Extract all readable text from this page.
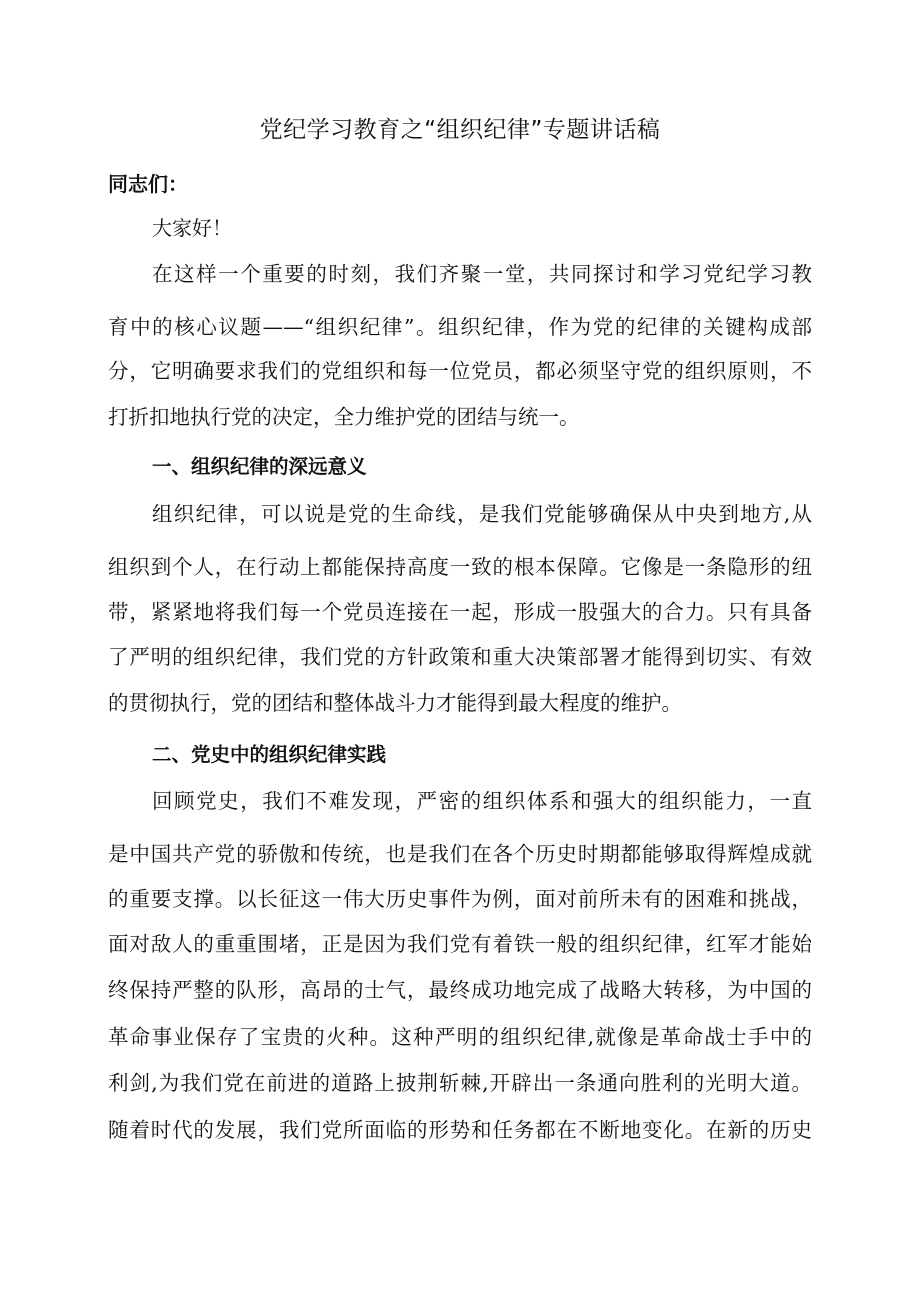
党纪学习教育之“组织纪律”专题讲话稿
同志们：
大家好！
在这样一个重要的时刻，我们齐聚一堂，共同探讨和学习党纪学习教
育中的核心议题——“组织纪律”。组织纪律，作为党的纪律的关键构成部
分，它明确要求我们的党组织和每一位党员，都必须坚守党的组织原则，不
打折扣地执行党的决定，全力维护党的团结与统一。
一、组织纪律的深远意义
组织纪律，可以说是党的生命线，是我们党能够确保从中央到地方,从
组织到个人，在行动上都能保持高度一致的根本保障。它像是一条隐形的纽
带，紧紧地将我们每一个党员连接在一起，形成一股强大的合力。只有具备
了严明的组织纪律，我们党的方针政策和重大决策部署才能得到切实、有效
的贯彻执行，党的团结和整体战斗力才能得到最大程度的维护。
二、党史中的组织纪律实践
回顾党史，我们不难发现，严密的组织体系和强大的组织能力，一直
是中国共产党的骄傲和传统，也是我们在各个历史时期都能够取得辉煌成就
的重要支撑。以长征这一伟大历史事件为例，面对前所未有的困难和挑战，
面对敌人的重重围堵，正是因为我们党有着铁一般的组织纪律，红军才能始
终保持严整的队形，高昂的士气，最终成功地完成了战略大转移，为中国的
革命事业保存了宝贵的火种。这种严明的组织纪律,就像是革命战士手中的
利剑,为我们党在前进的道路上披荆斩棘,开辟出一条通向胜利的光明大道。
随着时代的发展，我们党所面临的形势和任务都在不断地变化。在新的历史
